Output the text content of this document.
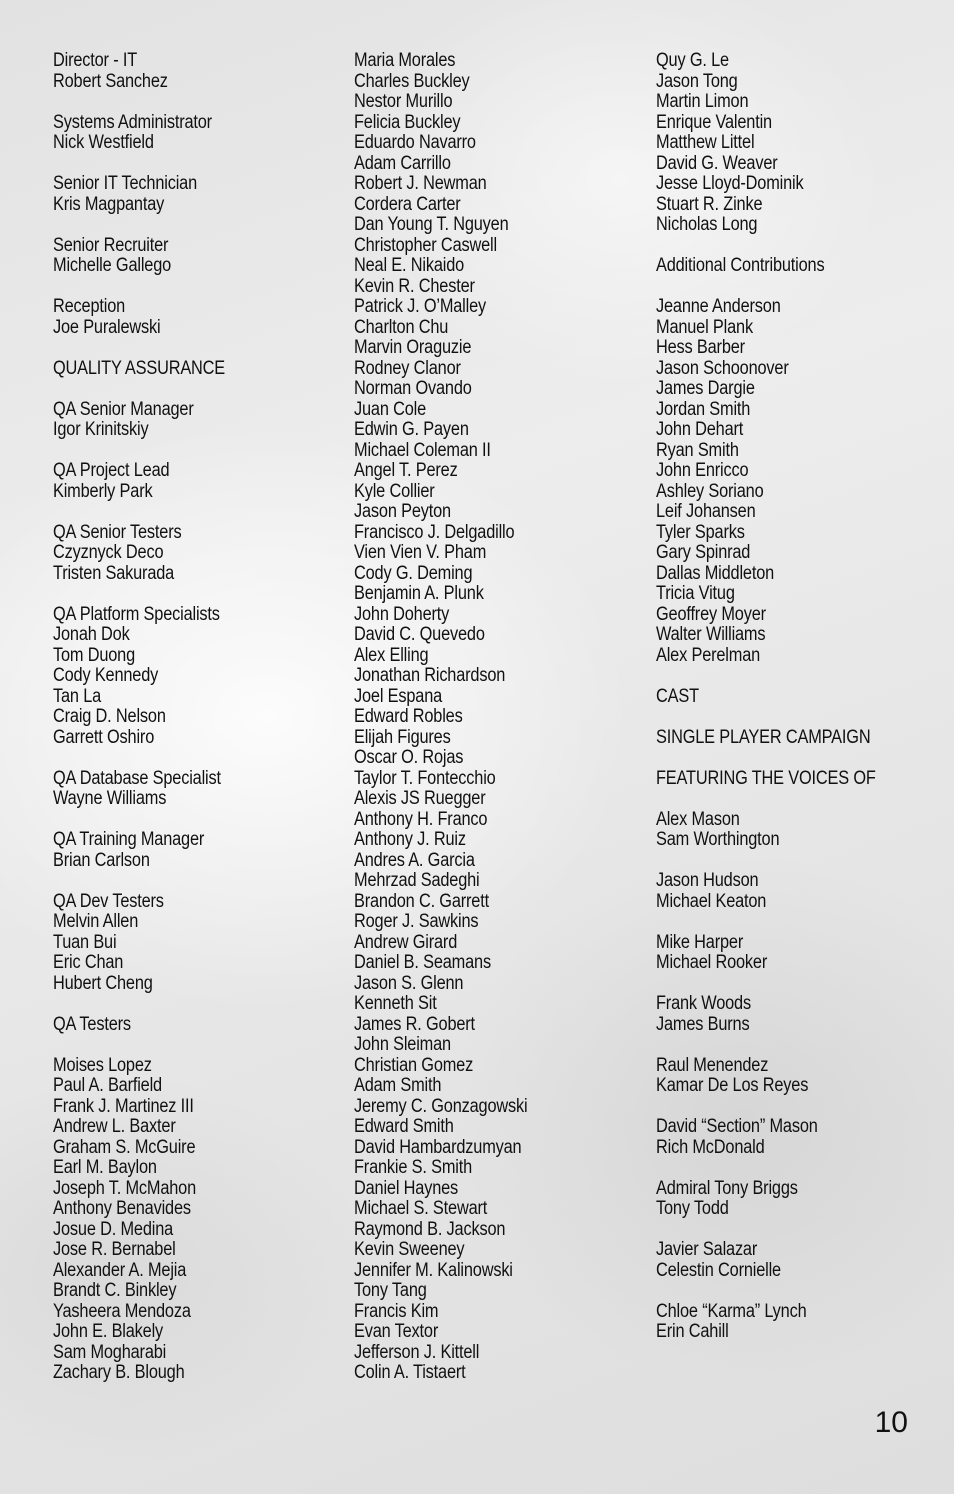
Director - IT
Robert Sanchez

Systems Administrator
Nick Westfield

Senior IT Technician
Kris Magpantay

Senior Recruiter
Michelle Gallego

Reception
Joe Puralewski

QUALITY ASSURANCE

QA Senior Manager
Igor Krinitskiy

QA Project Lead
Kimberly Park

QA Senior Testers
Czyznyck Deco
Tristen Sakurada

QA Platform Specialists
Jonah Dok
Tom Duong
Cody Kennedy
Tan La
Craig D. Nelson
Garrett Oshiro

QA Database Specialist
Wayne Williams

QA Training Manager
Brian Carlson

QA Dev Testers
Melvin Allen
Tuan Bui
Eric Chan
Hubert Cheng

QA Testers

Moises Lopez
Paul A. Barfield
Frank J. Martinez III
Andrew L. Baxter
Graham S. McGuire
Earl M. Baylon
Joseph T. McMahon
Anthony Benavides
Josue D. Medina
Jose R. Bernabel
Alexander A. Mejia
Brandt C. Binkley
Yasheera Mendoza
John E. Blakely
Sam Mogharabi
Zachary B. Blough
Maria Morales
Charles Buckley
Nestor Murillo
Felicia Buckley
Eduardo Navarro
Adam Carrillo
Robert J. Newman
Cordera Carter
Dan Young T. Nguyen
Christopher Caswell
Neal E. Nikaido
Kevin R. Chester
Patrick J. O’Malley
Charlton Chu
Marvin Oraguzie
Rodney Clanor
Norman Ovando
Juan Cole
Edwin G. Payen
Michael Coleman II
Angel T. Perez
Kyle Collier
Jason Peyton
Francisco J. Delgadillo
Vien Vien V. Pham
Cody G. Deming
Benjamin A. Plunk
John Doherty
David C. Quevedo
Alex Elling
Jonathan Richardson
Joel Espana
Edward Robles
Elijah Figures
Oscar O. Rojas
Taylor T. Fontecchio
Alexis JS Ruegger
Anthony H. Franco
Anthony J. Ruiz
Andres A. Garcia
Mehrzad Sadeghi
Brandon C. Garrett
Roger J. Sawkins
Andrew Girard
Daniel B. Seamans
Jason S. Glenn
Kenneth Sit
James R. Gobert
John Sleiman
Christian Gomez
Adam Smith
Jeremy C. Gonzagowski
Edward Smith
David Hambardzumyan
Frankie S. Smith
Daniel Haynes
Michael S. Stewart
Raymond B. Jackson
Kevin Sweeney
Jennifer M. Kalinowski
Tony Tang
Francis Kim
Evan Textor
Jefferson J. Kittell
Colin A. Tistaert
Quy G. Le
Jason Tong
Martin Limon
Enrique Valentin
Matthew Littel
David G. Weaver
Jesse Lloyd-Dominik
Stuart R. Zinke
Nicholas Long

Additional Contributions

Jeanne Anderson
Manuel Plank
Hess Barber
Jason Schoonover
James Dargie
Jordan Smith
John Dehart
Ryan Smith
John Enricco
Ashley Soriano
Leif Johansen
Tyler Sparks
Gary Spinrad
Dallas Middleton
Tricia Vitug
Geoffrey Moyer
Walter Williams
Alex Perelman

CAST

SINGLE PLAYER CAMPAIGN

FEATURING THE VOICES OF

Alex Mason
Sam Worthington

Jason Hudson
Michael Keaton

Mike Harper
Michael Rooker

Frank Woods
James Burns

Raul Menendez
Kamar De Los Reyes

David “Section” Mason
Rich McDonald

Admiral Tony Briggs
Tony Todd

Javier Salazar
Celestin Cornielle

Chloe “Karma” Lynch
Erin Cahill
10
